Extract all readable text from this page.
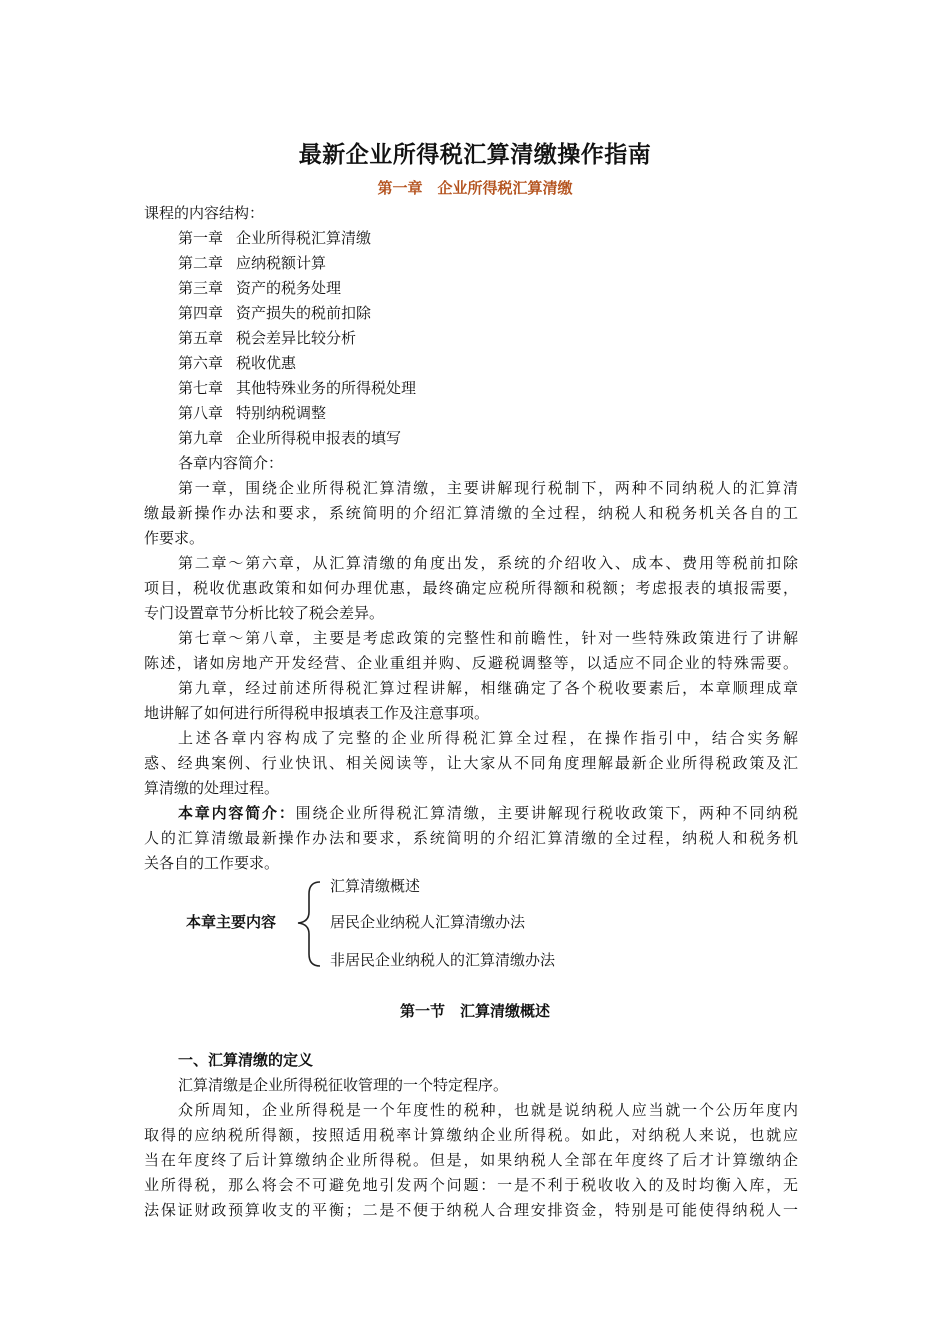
最新企业所得税汇算清缴操作指南
第一章　企业所得税汇算清缴
课程的内容结构：
第一章 企业所得税汇算清缴
第二章 应纳税额计算
第三章 资产的税务处理
第四章 资产损失的税前扣除
第五章 税会差异比较分析
第六章 税收优惠
第七章 其他特殊业务的所得税处理
第八章 特别纳税调整
第九章 企业所得税申报表的填写
各章内容简介：
第一章，围绕企业所得税汇算清缴，主要讲解现行税制下，两种不同纳税人的汇算清
缴最新操作办法和要求，系统简明的介绍汇算清缴的全过程，纳税人和税务机关各自的工
作要求。
第二章～第六章，从汇算清缴的角度出发，系统的介绍收入、成本、费用等税前扣除
项目，税收优惠政策和如何办理优惠，最终确定应税所得额和税额；考虑报表的填报需要，
专门设置章节分析比较了税会差异。
第七章～第八章，主要是考虑政策的完整性和前瞻性，针对一些特殊政策进行了讲解
陈述，诸如房地产开发经营、企业重组并购、反避税调整等，以适应不同企业的特殊需要。
第九章，经过前述所得税汇算过程讲解，相继确定了各个税收要素后，本章顺理成章
地讲解了如何进行所得税申报填表工作及注意事项。
上述各章内容构成了完整的企业所得税汇算全过程，在操作指引中，结合实务解
惑、经典案例、行业快讯、相关阅读等，让大家从不同角度理解最新企业所得税政策及汇
算清缴的处理过程。
本章内容简介：围绕企业所得税汇算清缴，主要讲解现行税收政策下，两种不同纳税
人的汇算清缴最新操作办法和要求，系统简明的介绍汇算清缴的全过程，纳税人和税务机
关各自的工作要求。
本章主要内容
汇算清缴概述
居民企业纳税人汇算清缴办法
非居民企业纳税人的汇算清缴办法
第一节　汇算清缴概述
一、汇算清缴的定义
汇算清缴是企业所得税征收管理的一个特定程序。
众所周知，企业所得税是一个年度性的税种，也就是说纳税人应当就一个公历年度内
取得的应纳税所得额，按照适用税率计算缴纳企业所得税。如此，对纳税人来说，也就应
当在年度终了后计算缴纳企业所得税。但是，如果纳税人全部在年度终了后才计算缴纳企
业所得税，那么将会不可避免地引发两个问题：一是不利于税收收入的及时均衡入库，无
法保证财政预算收支的平衡；二是不便于纳税人合理安排资金，特别是可能使得纳税人一
